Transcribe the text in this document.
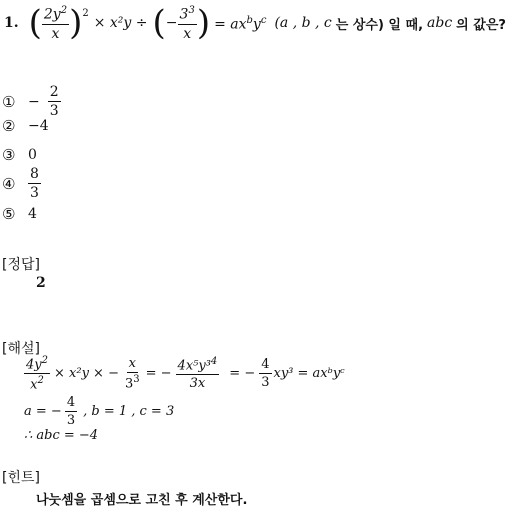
1. ( $\frac{2y^2}{x} )^2$
× x²y ÷ ( − $\frac{3^3}{x}$ ) = $ax^by^c$ (a , b , c 는 상수) 일 때, abc 의 값은?
① − $\frac{2}{3}$
② −4
③ 0
④ $\frac{8}{3}$
⑤ 4
[정답]
2
[해설]
$\frac{4y^2}{x^2} \times x^2y$ × − $\frac{x}{3^3}$ = − $\frac{4x^5y^3^4}{3x}$ = − $\frac{4}{3} xy^3$ = axᵇyᶜ
a = − $\frac{4}{3}$ , b = 1 , c = 3
∴ abc = −4
[힌트]
나눗셈을 곱셈으로 고친 후 계산한다.
